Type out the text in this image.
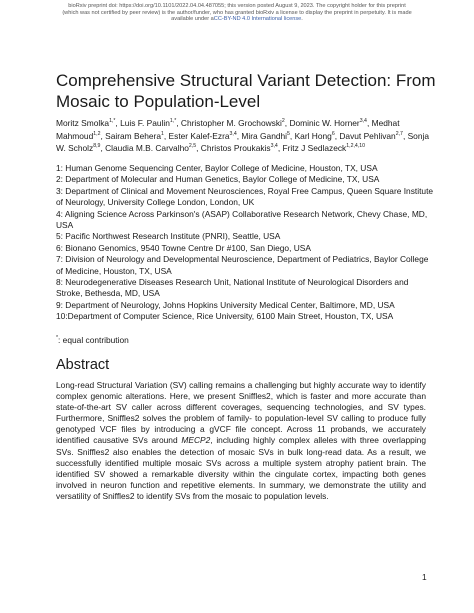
bioRxiv preprint doi: https://doi.org/10.1101/2022.04.04.487055; this version posted August 9, 2023. The copyright holder for this preprint
(which was not certified by peer review) is the author/funder, who has granted bioRxiv a license to display the preprint in perpetuity. It is made
available under aCC-BY-ND 4.0 International license.
Comprehensive Structural Variant Detection: From Mosaic to Population-Level
Moritz Smolka$^{1,*}$, Luis F. Paulin$^{1,*}$, Christopher M. Grochowski$^2$, Dominic W. Horner$^{3,4}$, Medhat Mahmoud$^{1,2}$, Sairam Behera$^1$, Ester Kalef-Ezra$^{3,4}$, Mira Gandhi$^5$, Karl Hong$^6$, Davut Pehlivan$^{2,7}$, Sonja W. Scholz$^{8,9}$, Claudia M.B. Carvalho$^{2,5}$, Christos Proukakis$^{3,4}$, Fritz J Sedlazeck$^{1,2,4,10}$
1: Human Genome Sequencing Center, Baylor College of Medicine, Houston, TX, USA
2: Department of Molecular and Human Genetics, Baylor College of Medicine, TX, USA
3: Department of Clinical and Movement Neurosciences, Royal Free Campus, Queen Square Institute of Neurology, University College London, London, UK
4: Aligning Science Across Parkinson's (ASAP) Collaborative Research Network, Chevy Chase, MD, USA
5: Pacific Northwest Research Institute (PNRI), Seattle, USA
6: Bionano Genomics, 9540 Towne Centre Dr #100, San Diego, USA
7: Division of Neurology and Developmental Neuroscience, Department of Pediatrics, Baylor College of Medicine, Houston, TX, USA
8: Neurodegenerative Diseases Research Unit, National Institute of Neurological Disorders and Stroke, Bethesda, MD, USA
9: Department of Neurology, Johns Hopkins University Medical Center, Baltimore, MD, USA
10:Department of Computer Science, Rice University, 6100 Main Street, Houston, TX, USA
*: equal contribution
Abstract

Long-read Structural Variation (SV) calling remains a challenging but highly accurate way to identify complex genomic alterations. Here, we present Sniffles2, which is faster and more accurate than state-of-the-art SV caller across different coverages, sequencing technologies, and SV types. Furthermore, Sniffles2 solves the problem of family- to population-level SV calling to produce fully genotyped VCF files by introducing a gVCF file concept. Across 11 probands, we accurately identified causative SVs around MECP2, including highly complex alleles with three overlapping SVs. Sniffles2 also enables the detection of mosaic SVs in bulk long-read data. As a result, we successfully identified multiple mosaic SVs across a multiple system atrophy patient brain. The identified SV showed a remarkable diversity within the cingulate cortex, impacting both genes involved in neuron function and repetitive elements. In summary, we demonstrate the utility and versatility of Sniffles2 to identify SVs from the mosaic to population levels.

1
